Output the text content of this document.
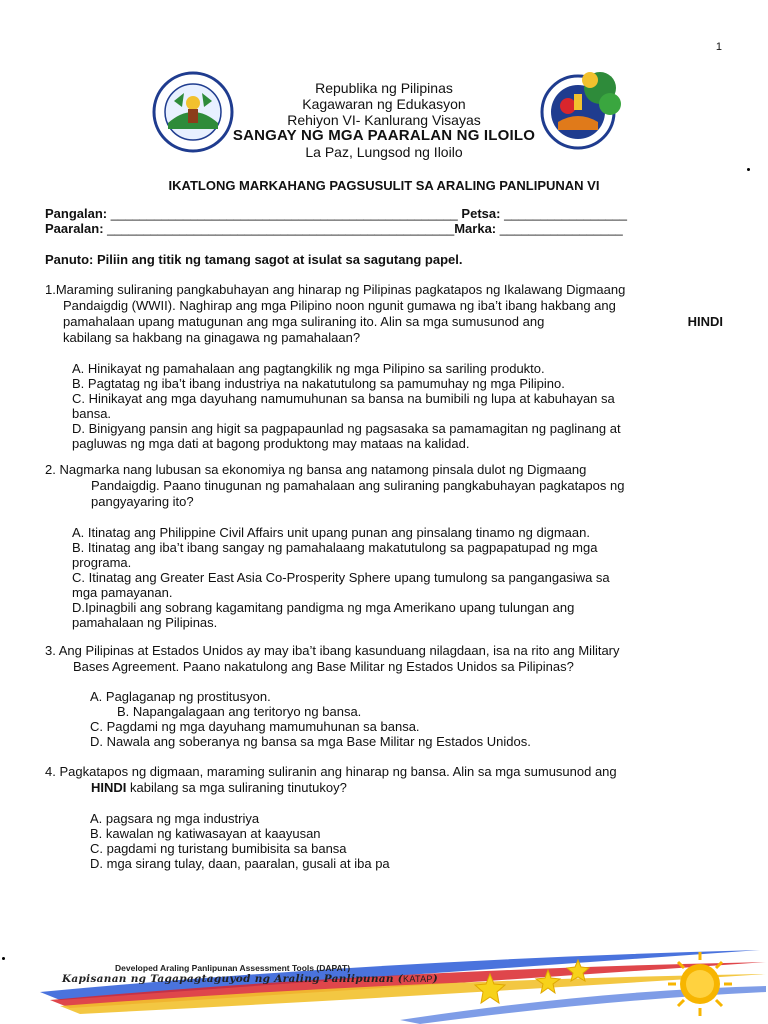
1
Republika ng Pilipinas
Kagawaran ng Edukasyon
Rehiyon VI- Kanlurang Visayas
SANGAY NG MGA PAARALAN NG ILOILO
La Paz, Lungsod ng Iloilo
IKATLONG MARKAHANG PAGSUSULIT SA ARALING PANLIPUNAN VI
Pangalan: ________________________________________________ Petsa: _________________
Paaralan: ________________________________________________Marka: _________________
Panuto: Piliin ang titik ng tamang sagot at isulat sa sagutang papel.
1.Maraming suliraning pangkabuhayan ang hinarap ng Pilipinas pagkatapos ng Ikalawang Digmaang
Pandaigdig (WWII). Naghirap ang mga Pilipino noon ngunit gumawa ng iba’t ibang hakbang ang
pamahalaan upang matugunan ang mga suliraning ito. Alin sa mga sumusunod ang	HINDI
kabilang sa hakbang na ginagawa ng pamahalaan?
A. Hinikayat ng pamahalaan ang pagtangkilik ng mga Pilipino sa sariling produkto.
B. Pagtatag ng iba’t ibang industriya na nakatutulong sa pamumuhay ng mga Pilipino.
C. Hinikayat ang mga dayuhang namumuhunan sa bansa na bumibili ng lupa at kabuhayan sa
bansa.
D. Binigyang pansin ang higit sa pagpapaunlad ng pagsasaka sa pamamagitan ng paglinang at
pagluwas ng mga dati at bagong produktong may mataas na kalidad.
2. Nagmarka nang lubusan sa ekonomiya ng bansa ang natamong pinsala dulot ng Digmaang
Pandaigdig. Paano tinugunan ng pamahalaan ang suliraning pangkabuhayan pagkatapos ng
pangyayaring ito?
A. Itinatag ang Philippine Civil Affairs unit upang punan ang pinsalang tinamo ng digmaan.
B. Itinatag ang iba’t ibang sangay ng pamahalaang makatutulong sa pagpapatupad ng mga
programa.
C. Itinatag ang Greater East Asia Co-Prosperity Sphere upang tumulong sa pangangasiwa sa
mga pamayanan.
D.Ipinagbili ang sobrang kagamitang pandigma ng mga Amerikano upang tulungan ang
pamahalaan ng Pilipinas.
3. Ang Pilipinas at Estados Unidos ay may iba’t ibang kasunduang nilagdaan, isa na rito ang Military
Bases Agreement. Paano nakatulong ang Base Militar ng Estados Unidos sa Pilipinas?
A. Paglaganap ng prostitusyon.
B. Napangalagaan ang teritoryo ng bansa.
C. Pagdami ng mga dayuhang mamumuhunan sa bansa.
D. Nawala ang soberanya ng bansa sa mga Base Militar ng Estados Unidos.
4. Pagkatapos ng digmaan, maraming suliranin ang hinarap ng bansa. Alin sa mga sumusunod ang
HINDI kabilang sa mga suliraning tinutukoy?
A. pagsara ng mga industriya
B. kawalan ng katiwasayan at kaayusan
C. pagdami ng turistang bumibisita sa bansa
D. mga sirang tulay, daan, paaralan, gusali at iba pa
Developed Araling Panlipunan Assessment Tools (DAPAT)
Kapisanan ng Tagapagtaguyod ng Araling Panlipunan (KATAP)
